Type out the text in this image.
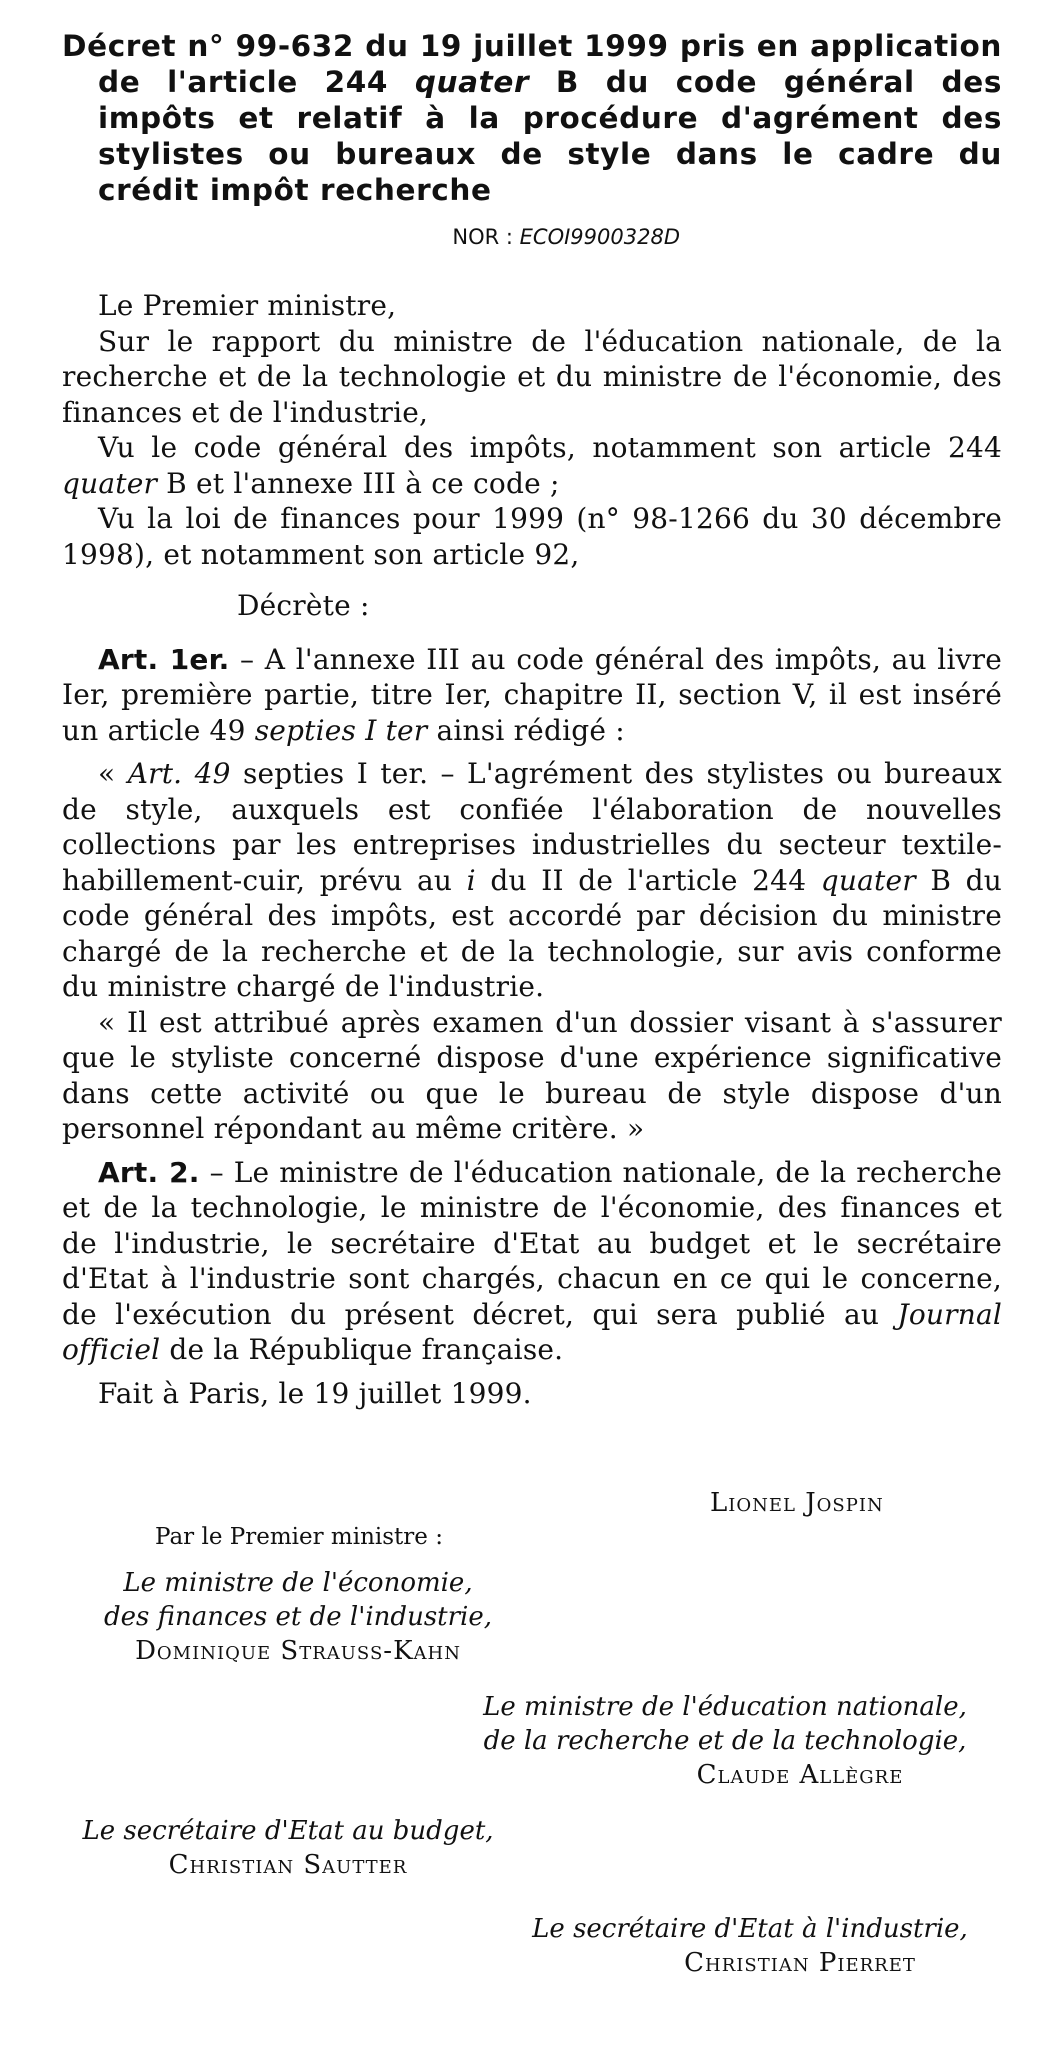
Décret n° 99-632 du 19 juillet 1999 pris en application de l'article 244 quater B du code général des impôts et relatif à la procédure d'agrément des stylistes ou bureaux de style dans le cadre du crédit impôt recherche
NOR : ECOI9900328D

Le Premier ministre,

Sur le rapport du ministre de l'éducation nationale, de la recherche et de la technologie et du ministre de l'économie, des finances et de l'industrie,

Vu le code général des impôts, notamment son article 244 quater B et l'annexe III à ce code ;

Vu la loi de finances pour 1999 (n° 98-1266 du 30 décembre 1998), et notamment son article 92,

Décrète :

Art. 1er. – A l'annexe III au code général des impôts, au livre Ier, première partie, titre Ier, chapitre II, section V, il est inséré un article 49 septies I ter ainsi rédigé :

« Art. 49 septies I ter. – L'agrément des stylistes ou bureaux de style, auxquels est confiée l'élaboration de nouvelles collections par les entreprises industrielles du secteur textile-habillement-cuir, prévu au i du II de l'article 244 quater B du code général des impôts, est accordé par décision du ministre chargé de la recherche et de la technologie, sur avis conforme du ministre chargé de l'industrie.

« Il est attribué après examen d'un dossier visant à s'assurer que le styliste concerné dispose d'une expérience significative dans cette activité ou que le bureau de style dispose d'un personnel répondant au même critère. »

Art. 2. – Le ministre de l'éducation nationale, de la recherche et de la technologie, le ministre de l'économie, des finances et de l'industrie, le secrétaire d'Etat au budget et le secrétaire d'Etat à l'industrie sont chargés, chacun en ce qui le concerne, de l'exécution du présent décret, qui sera publié au Journal officiel de la République française.

Fait à Paris, le 19 juillet 1999.

Lionel Jospin
Par le Premier ministre :
Le ministre de l'économie,
des finances et de l'industrie,
Dominique Strauss-Kahn
Le ministre de l'éducation nationale,
de la recherche et de la technologie,
Claude Allègre
Le secrétaire d'Etat au budget,
Christian Sautter
Le secrétaire d'Etat à l'industrie,
Christian Pierret
